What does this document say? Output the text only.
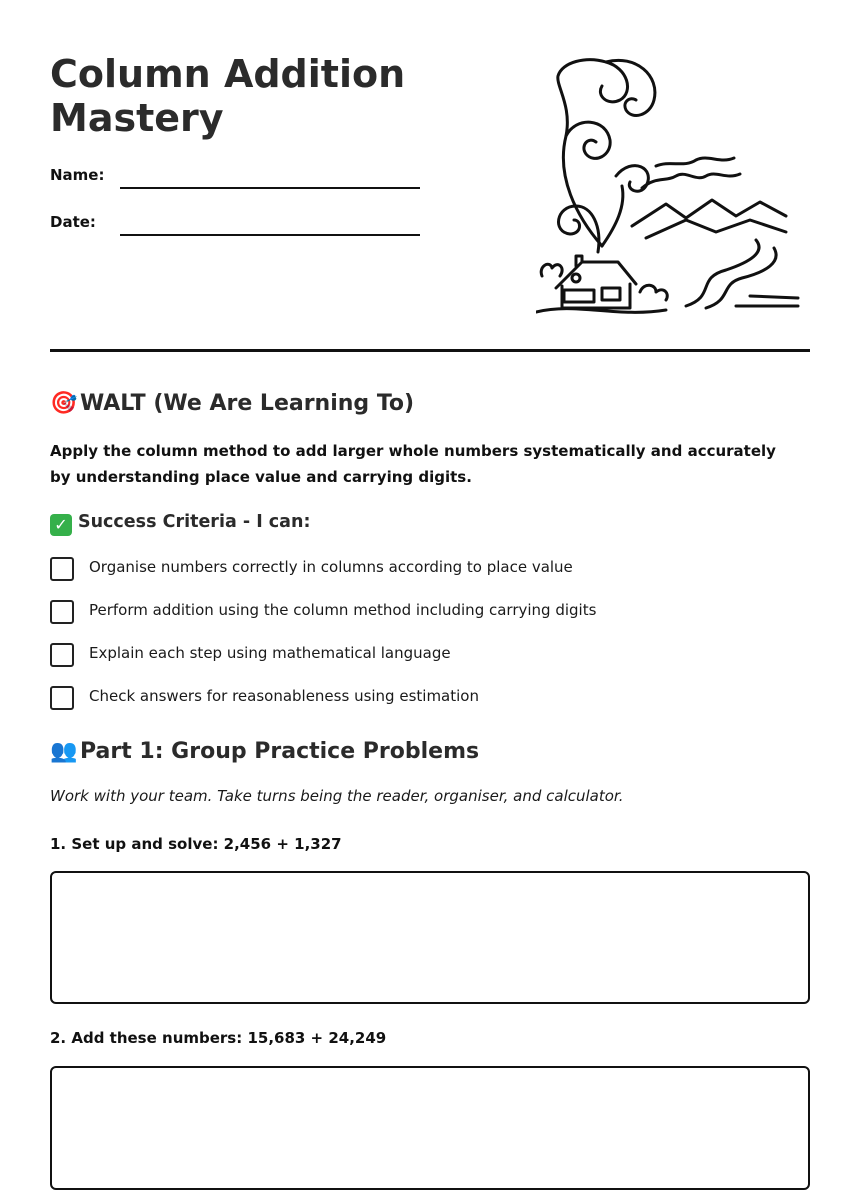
Column Addition Mastery
Name:
Date:
🎯 WALT (We Are Learning To)

Apply the column method to add larger whole numbers systematically and accurately by understanding place value and carrying digits.

✓ Success Criteria - I can:
Organise numbers correctly in columns according to place value
Perform addition using the column method including carrying digits
Explain each step using mathematical language
Check answers for reasonableness using estimation
👥 Part 1: Group Practice Problems

Work with your team. Take turns being the reader, organiser, and calculator.

1. Set up and solve: 2,456 + 1,327

2. Add these numbers: 15,683 + 24,249
